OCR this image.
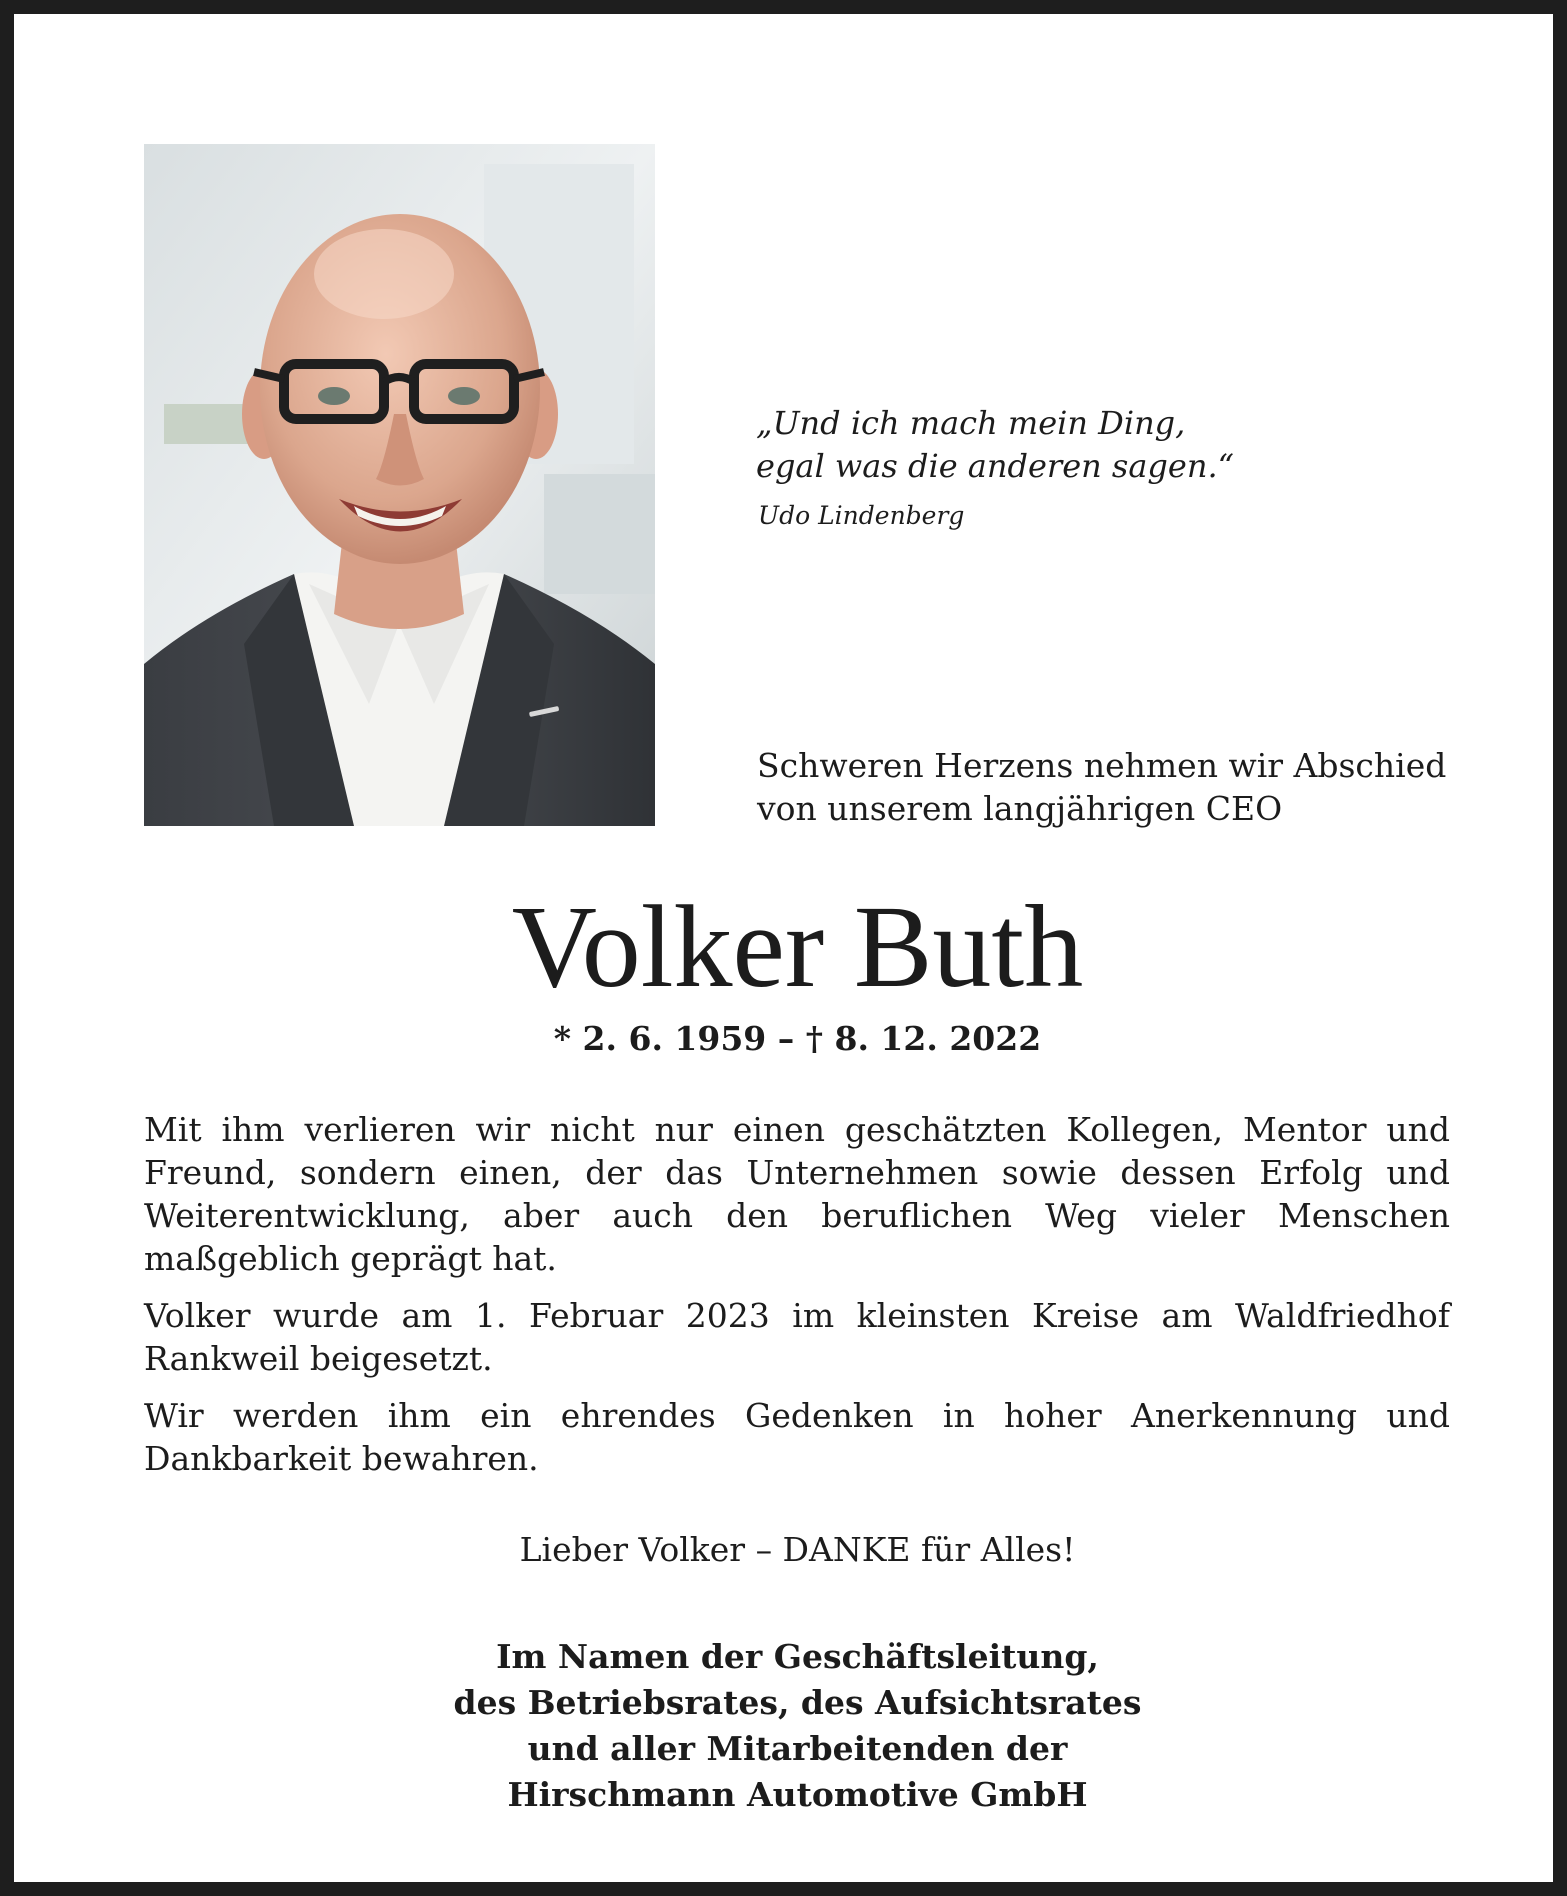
„Und ich mach mein Ding,
egal was die anderen sagen.“
Udo Lindenberg
Schweren Herzens nehmen wir Abschied
von unserem langjährigen CEO
Volker Buth
* 2. 6. 1959 – † 8. 12. 2022

Mit ihm verlieren wir nicht nur einen geschätzten Kollegen, Mentor und Freund, sondern einen, der das Unternehmen sowie dessen Erfolg und Weiterentwicklung, aber auch den beruflichen Weg vieler Menschen maßgeblich geprägt hat.

Volker wurde am 1. Februar 2023 im kleinsten Kreise am Waldfriedhof Rankweil beigesetzt.

Wir werden ihm ein ehrendes Gedenken in hoher Anerkennung und Dankbarkeit bewahren.

Lieber Volker – DANKE für Alles!
Im Namen der Geschäftsleitung,
des Betriebsrates, des Aufsichtsrates
und aller Mitarbeitenden der
Hirschmann Automotive GmbH
